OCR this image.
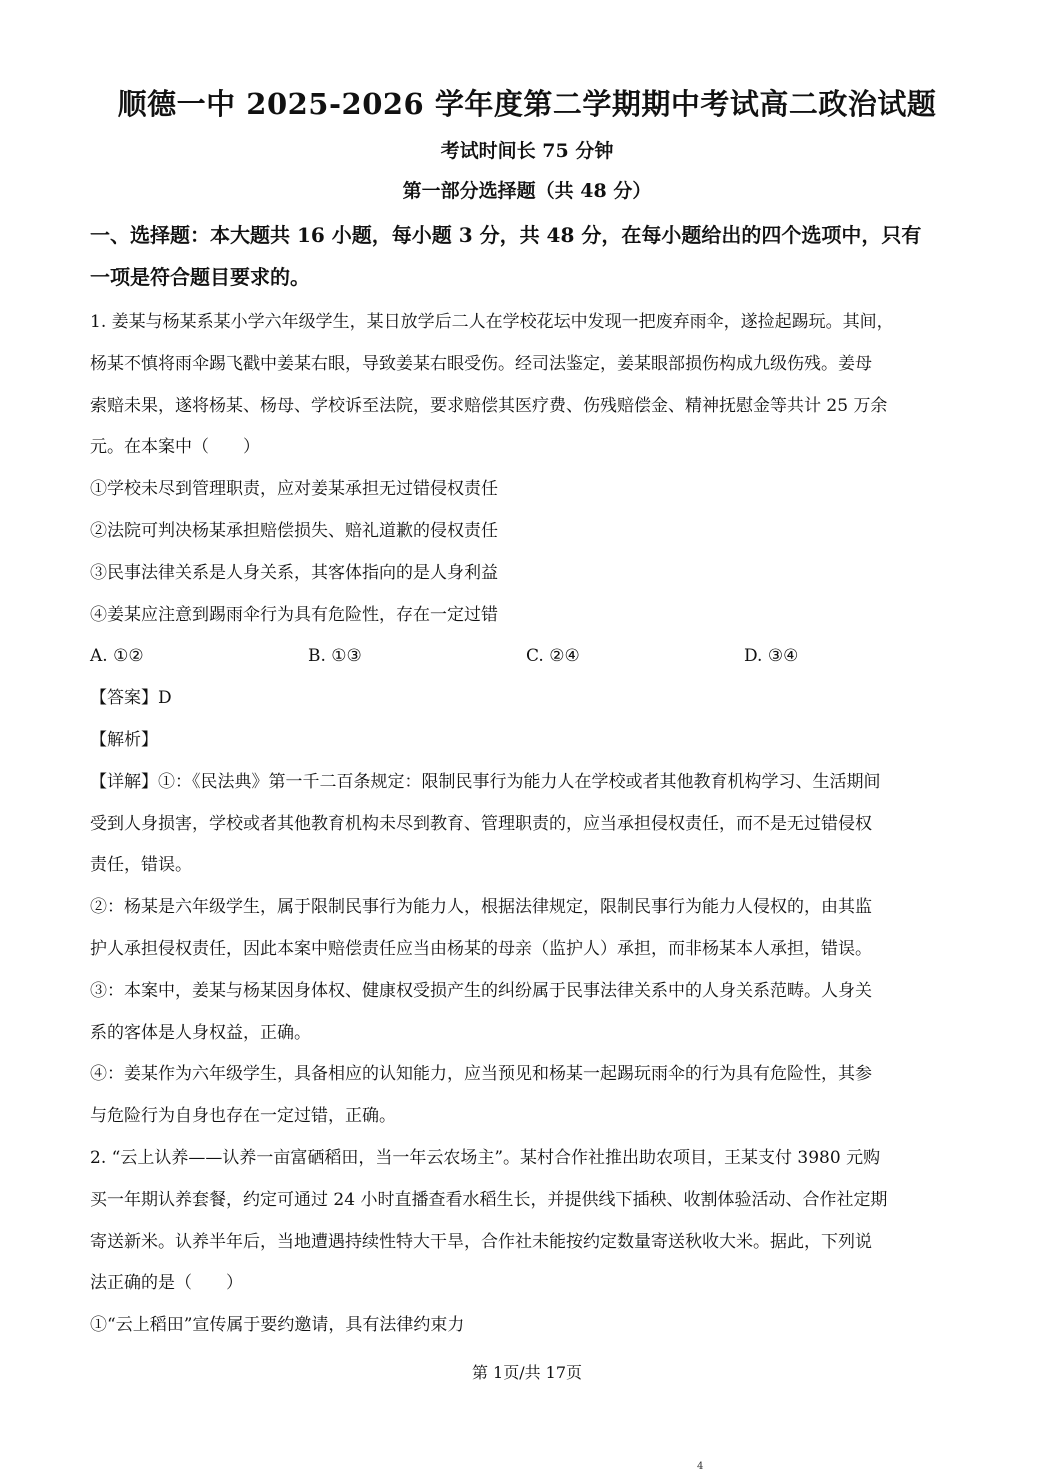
顺德一中 2025-2026 学年度第二学期期中考试高二政治试题
考试时间长 75 分钟
第一部分选择题（共 48 分）
一、选择题：本大题共 16 小题，每小题 3 分，共 48 分，在每小题给出的四个选项中，只有
一项是符合题目要求的。

1. 姜某与杨某系某小学六年级学生，某日放学后二人在学校花坛中发现一把废弃雨伞，遂捡起踢玩。其间，

杨某不慎将雨伞踢飞戳中姜某右眼，导致姜某右眼受伤。经司法鉴定，姜某眼部损伤构成九级伤残。姜母

索赔未果，遂将杨某、杨母、学校诉至法院，要求赔偿其医疗费、伤残赔偿金、精神抚慰金等共计 25 万余

元。在本案中（　　）

①学校未尽到管理职责，应对姜某承担无过错侵权责任

②法院可判决杨某承担赔偿损失、赔礼道歉的侵权责任

③民事法律关系是人身关系，其客体指向的是人身利益

④姜某应注意到踢雨伞行为具有危险性，存在一定过错

A. ①②	B. ①③	C. ②④	D. ③④

【答案】D

【解析】

【详解】①：《民法典》第一千二百条规定：限制民事行为能力人在学校或者其他教育机构学习、生活期间

受到人身损害，学校或者其他教育机构未尽到教育、管理职责的，应当承担侵权责任，而不是无过错侵权

责任，错误。

②：杨某是六年级学生，属于限制民事行为能力人，根据法律规定，限制民事行为能力人侵权的，由其监

护人承担侵权责任，因此本案中赔偿责任应当由杨某的母亲（监护人）承担，而非杨某本人承担，错误。

③：本案中，姜某与杨某因身体权、健康权受损产生的纠纷属于民事法律关系中的人身关系范畴。人身关

系的客体是人身权益，正确。

④：姜某作为六年级学生，具备相应的认知能力，应当预见和杨某一起踢玩雨伞的行为具有危险性，其参

与危险行为自身也存在一定过错，正确。

2. “云上认养——认养一亩富硒稻田，当一年云农场主”。某村合作社推出助农项目，王某支付 3980 元购

买一年期认养套餐，约定可通过 24 小时直播查看水稻生长，并提供线下插秧、收割体验活动、合作社定期

寄送新米。认养半年后，当地遭遇持续性特大干旱，合作社未能按约定数量寄送秋收大米。据此，下列说

法正确的是（　　）

①“云上稻田”宣传属于要约邀请，具有法律约束力

第 1页/共 17页
4
